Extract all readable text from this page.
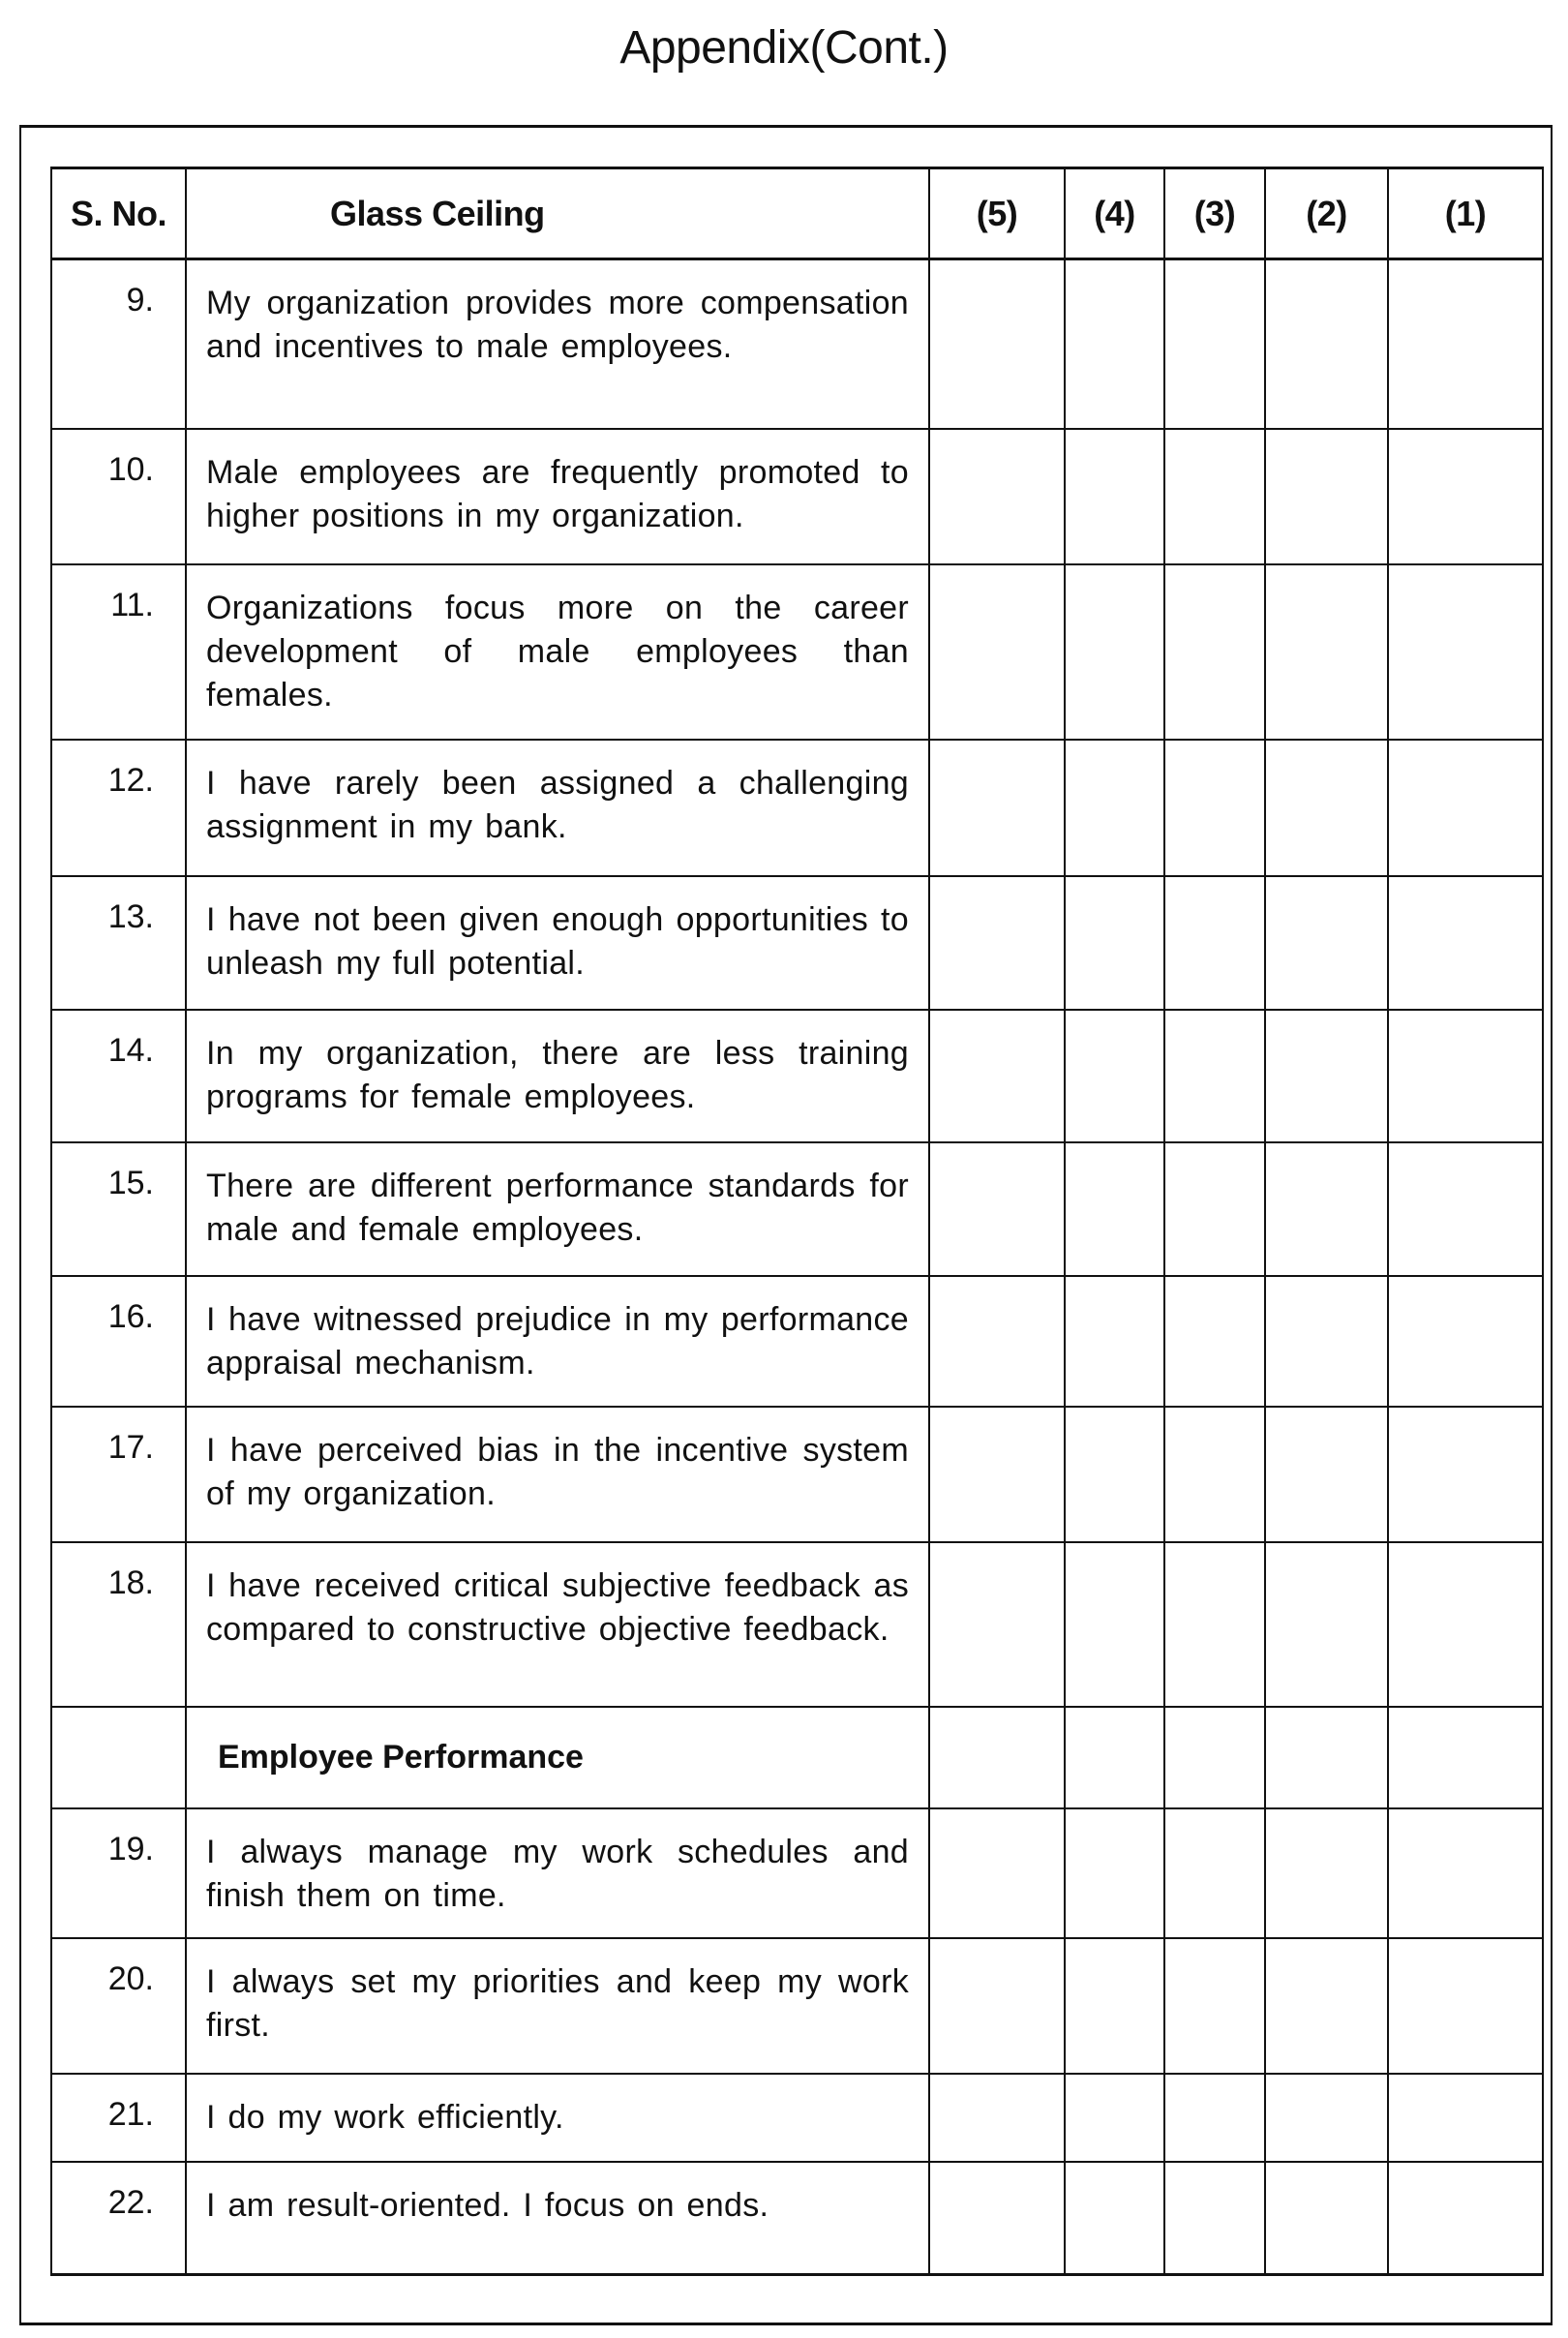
Appendix(Cont.)
S. No.	Glass Ceiling	(5)	(4)	(3)	(2)	(1)
9.	My organization provides more compensation and incentives to male employees.					
10.	Male employees are frequently promoted to higher positions in my organization.					
11.	Organizations focus more on the career development of male employees than females.					
12.	I have rarely been assigned a challenging assignment in my bank.					
13.	I have not been given enough opportunities to unleash my full potential.					
14.	In my organization, there are less training programs for female employees.					
15.	There are different performance standards for male and female employees.					
16.	I have witnessed prejudice in my performance appraisal mechanism.					
17.	I have perceived bias in the incentive system of my organization.					
18.	I have received critical subjective feedback as compared to constructive objective feedback.					
	Employee Performance					
19.	I always manage my work schedules and finish them on time.					
20.	I always set my priorities and keep my work first.					
21.	I do my work efficiently.					
22.	I am result-oriented. I focus on ends.					
